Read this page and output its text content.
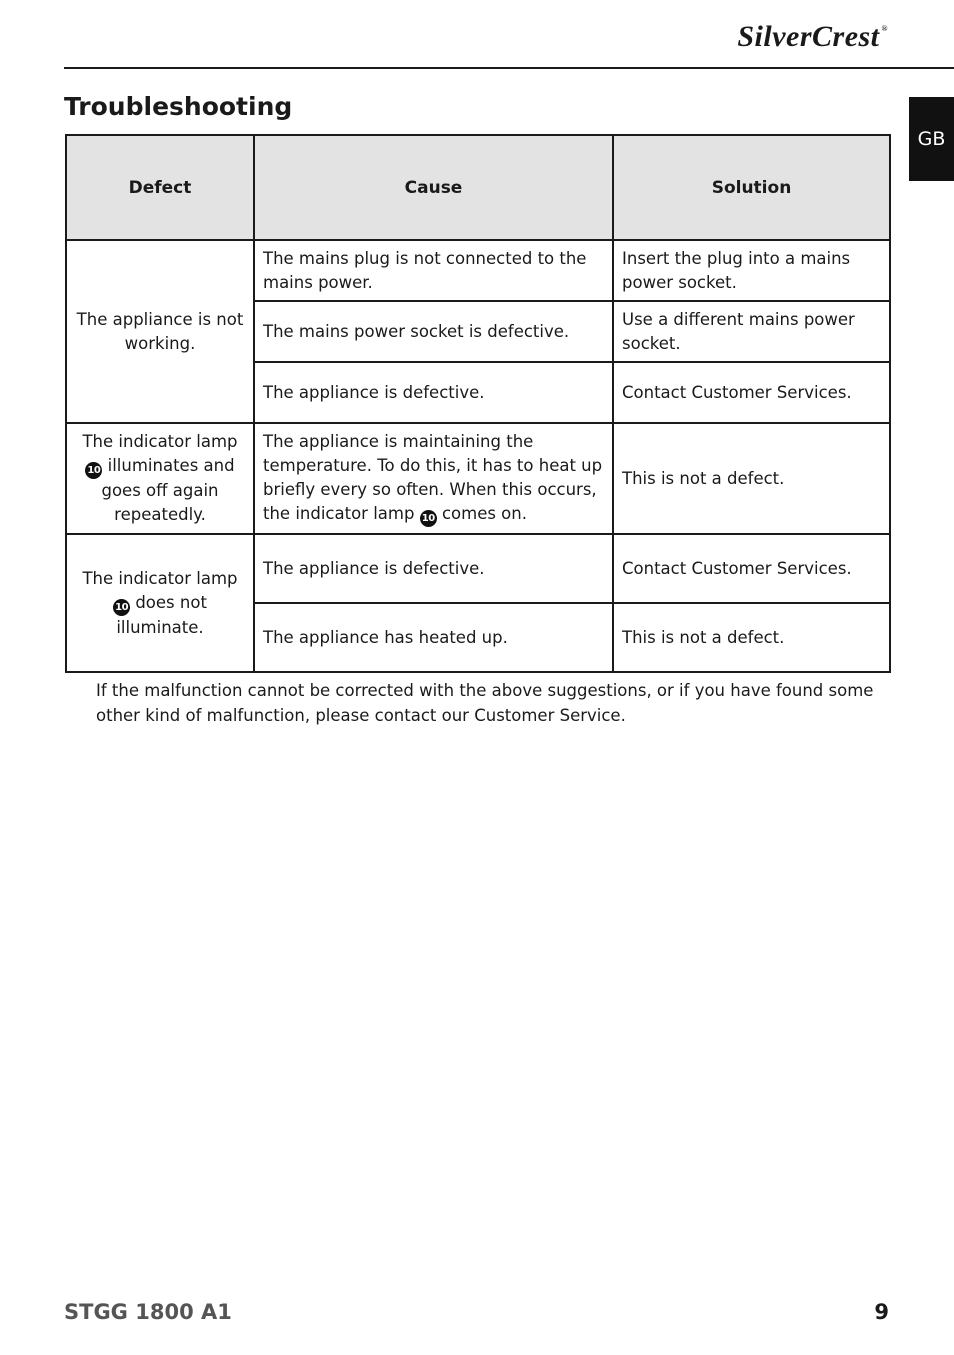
SilverCrest ®
GB
Troubleshooting
Defect	Cause	Solution
The appliance is not working.	The mains plug is not connected to the mains power.	Insert the plug into a mains power socket.
	The mains power socket is defective.	Use a different mains power socket.
	The appliance is defective.	Contact Customer Services.
The indicator lamp 10 illuminates and goes off again repeatedly.	The appliance is maintaining the temperature. To do this, it has to heat up briefly every so often. When this occurs, the indicator lamp 10 comes on.	This is not a defect.
The indicator lamp 10 does not illuminate.	The appliance is defective.	Contact Customer Services.
	The appliance has heated up.	This is not a defect.

If the malfunction cannot be corrected with the above suggestions, or if you have found some other kind of malfunction, please contact our Customer Service.

STGG 1800 A1	9
